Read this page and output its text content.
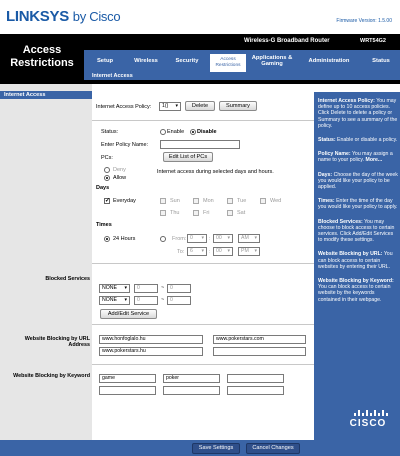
LINKSYS by Cisco	Firmware Version: 1.5.00
Access Restrictions
Wireless-G Broadband Router	WRT54G2
Setup	Wireless	Security	Access Restrictions
Applications & Gaming
Administration	Status
Internet Access
Internet Access
Blocked Services
Website Blocking by URL Address
Website Blocking by Keyword
Internet Access Policy:	1() ▾	Delete	Summary
Status:	Enable Disable
Enter Policy Name:
PCs:	Edit List of PCs
Deny
Allow
Internet access during selected days and hours.
Days
✓
Everyday	Sun	Mon	Tue	Wed
Thu	Fri	Sat
Times
24 Hours	From: 0 ▾	:	00 ▾	AM ▾
To:	6 ▾	:	00 ▾	PM ▾
NONE ▾	0	~	0
NONE ▾	0	~	0
Add/Edit Service
www.honfoglalo.hu	www.pokerstars.com
www.pokerstars.hu
game	poker

Internet Access Policy: You may define up to 10 access policies. Click Delete to delete a policy or Summary to see a summary of the policy.

Status: Enable or disable a policy.

Policy Name: You may assign a name to your policy. More...

Days: Choose the day of the week you would like your policy to be applied.

Times: Enter the time of the day you would like your policy to apply.

Blocked Services: You may choose to block access to certain services. Click Add/Edit Services to modify these settings.

Website Blocking by URL: You can block access to certain websites by entering their URL.

Website Blocking by Keyword: You can block access to certain website by the keywords contained in their webpage.

CISCO
Save Settings	Cancel Changes
